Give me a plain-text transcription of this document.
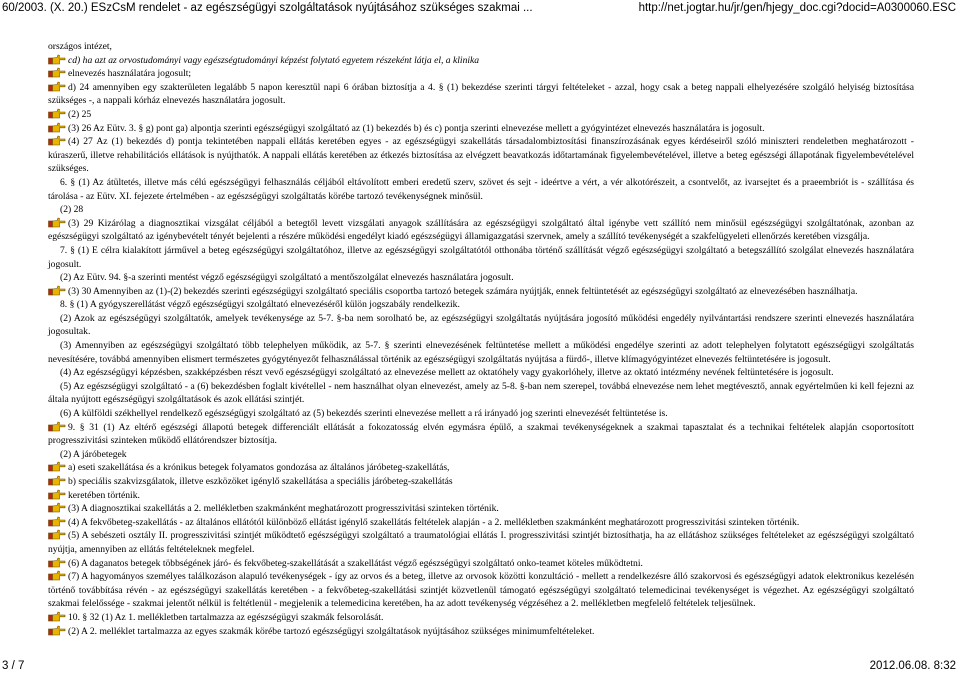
60/2003. (X. 20.) ESzCsM rendelet - az egészségügyi szolgáltatások nyújtásához szükséges szakmai ...	http://net.jogtar.hu/jr/gen/hjegy_doc.cgi?docid=A0300060.ESC
országos intézet,
cd) ha azt az orvostudományi vagy egészségtudományi képzést folytató egyetem részeként látja el, a klinika
elnevezés használatára jogosult;
d) 24 amennyiben egy szakterületen legalább 5 napon keresztül napi 6 órában biztosítja a 4. § (1) bekezdése szerinti tárgyi feltételeket - azzal, hogy csak a beteg nappali elhelyezésére szolgáló helyiség biztosítása szükséges -, a nappali kórház elnevezés használatára jogosult.
(2) 25
(3) 26 Az Eütv. 3. § g) pont ga) alpontja szerinti egészségügyi szolgáltató az (1) bekezdés b) és c) pontja szerinti elnevezése mellett a gyógyintézet elnevezés használatára is jogosult.
(4) 27 Az (1) bekezdés d) pontja tekintetében nappali ellátás keretében egyes - az egészségügyi szakellátás társadalombiztosítási finanszírozásának egyes kérdéseiről szóló miniszteri rendeletben meghatározott - kúraszerű, illetve rehabilitációs ellátások is nyújthatók. A nappali ellátás keretében az étkezés biztosítása az elvégzett beavatkozás időtartamának figyelembevételével, illetve a beteg egészségi állapotának figyelembevételével szükséges.
6. § (1) Az átültetés, illetve más célú egészségügyi felhasználás céljából eltávolított emberi eredetű szerv, szövet és sejt - ideértve a vért, a vér alkotórészeit, a csontvelőt, az ivarsejtet és a praeembriót is - szállítása és tárolása - az Eütv. XI. fejezete értelmében - az egészségügyi szolgáltatás körébe tartozó tevékenységnek minősül.
(2) 28
(3) 29 Kizárólag a diagnosztikai vizsgálat céljából a betegtől levett vizsgálati anyagok szállítására az egészségügyi szolgáltató által igénybe vett szállító nem minősül egészségügyi szolgáltatónak, azonban az egészségügyi szolgáltató az igénybevételt tényét bejelenti a részére működési engedélyt kiadó egészségügyi államigazgatási szervnek, amely a szállító tevékenységét a szakfelügyeleti ellenőrzés keretében vizsgálja.
7. § (1) E célra kialakított járművel a beteg egészségügyi szolgáltatóhoz, illetve az egészségügyi szolgáltatótól otthonába történő szállítását végző egészségügyi szolgáltató a betegszállító szolgálat elnevezés használatára jogosult.
(2) Az Eütv. 94. §-a szerinti mentést végző egészségügyi szolgáltató a mentőszolgálat elnevezés használatára jogosult.
(3) 30 Amennyiben az (1)-(2) bekezdés szerinti egészségügyi szolgáltató speciális csoportba tartozó betegek számára nyújtják, ennek feltüntetését az egészségügyi szolgáltató az elnevezésében használhatja.
8. § (1) A gyógyszerellátást végző egészségügyi szolgáltató elnevezéséről külön jogszabály rendelkezik.
(2) Azok az egészségügyi szolgáltatók, amelyek tevékenysége az 5-7. §-ba nem sorolható be, az egészségügyi szolgáltatás nyújtására jogosító működési engedély nyilvántartási rendszere szerinti elnevezés használatára jogosultak.
(3) Amennyiben az egészségügyi szolgáltató több telephelyen működik, az 5-7. § szerinti elnevezésének feltüntetése mellett a működési engedélye szerinti az adott telephelyen folytatott egészségügyi szolgáltatás nevesítésére, továbbá amennyiben elismert természetes gyógytényezőt felhasználással történik az egészségügyi szolgáltatás nyújtása a fürdő-, illetve klímagyógyintézet elnevezés feltüntetésére is jogosult.
(4) Az egészségügyi képzésben, szakképzésben részt vevő egészségügyi szolgáltató az elnevezése mellett az oktatóhely vagy gyakorlóhely, illetve az oktató intézmény nevének feltüntetésére is jogosult.
(5) Az egészségügyi szolgáltató - a (6) bekezdésben foglalt kivétellel - nem használhat olyan elnevezést, amely az 5-8. §-ban nem szerepel, továbbá elnevezése nem lehet megtévesztő, annak egyértelműen ki kell fejezni az általa nyújtott egészségügyi szolgáltatások és azok ellátási szintjét.
(6) A külföldi székhellyel rendelkező egészségügyi szolgáltató az (5) bekezdés szerinti elnevezése mellett a rá irányadó jog szerinti elnevezését feltüntetése is.
9. § 31 (1) Az eltérő egészségi állapotú betegek differenciált ellátását a fokozatosság elvén egymásra épülő, a szakmai tevékenységeknek a szakmai tapasztalat és a technikai feltételek alapján csoportosított progresszivitási szinteken működő ellátórendszer biztosítja.
(2) A járóbetegek
a) eseti szakellátása és a krónikus betegek folyamatos gondozása az általános járóbeteg-szakellátás,
b) speciális szakvizsgálatok, illetve eszközöket igénylő szakellátása a speciális járóbeteg-szakellátás
keretében történik.
(3) A diagnosztikai szakellátás a 2. mellékletben szakmánként meghatározott progresszivitási szinteken történik.
(4) A fekvőbeteg-szakellátás - az általános ellátótól különböző ellátást igénylő szakellátás feltételek alapján - a 2. mellékletben szakmánként meghatározott progresszivitási szinteken történik.
(5) A sebészeti osztály II. progresszivitási szintjét működtető egészségügyi szolgáltató a traumatológiai ellátás I. progresszivitási szintjét biztosíthatja, ha az ellátáshoz szükséges feltételeket az egészségügyi szolgáltató nyújtja, amennyiben az ellátás feltételeknek megfelel.
(6) A daganatos betegek többségének járó- és fekvőbeteg-szakellátását a szakellátást végző egészségügyi szolgáltató onko-teamet köteles működtetni.
(7) A hagyományos személyes találkozáson alapuló tevékenységek - így az orvos és a beteg, illetve az orvosok közötti konzultáció - mellett a rendelkezésre álló szakorvosi és egészségügyi adatok elektronikus kezelésén történő továbbítása révén - az egészségügyi szakellátás keretében - a fekvőbeteg-szakellátási szintjét közvetlenül támogató egészségügyi szolgáltató telemedicinai tevékenységet is végezhet. Az egészségügyi szolgáltató szakmai felelőssége - szakmai jelentőt nélkül is feltétlenül - megjelenik a telemedicina keretében, ha az adott tevékenység végzéséhez a 2. mellékletben megfelelő feltételek teljesülnek.
10. § 32 (1) Az 1. mellékletben tartalmazza az egészségügyi szakmák felsorolását.
(2) A 2. melléklet tartalmazza az egyes szakmák körébe tartozó egészségügyi szolgáltatások nyújtásához szükséges minimumfeltételeket.
3 / 7	2012.06.08. 8:32
